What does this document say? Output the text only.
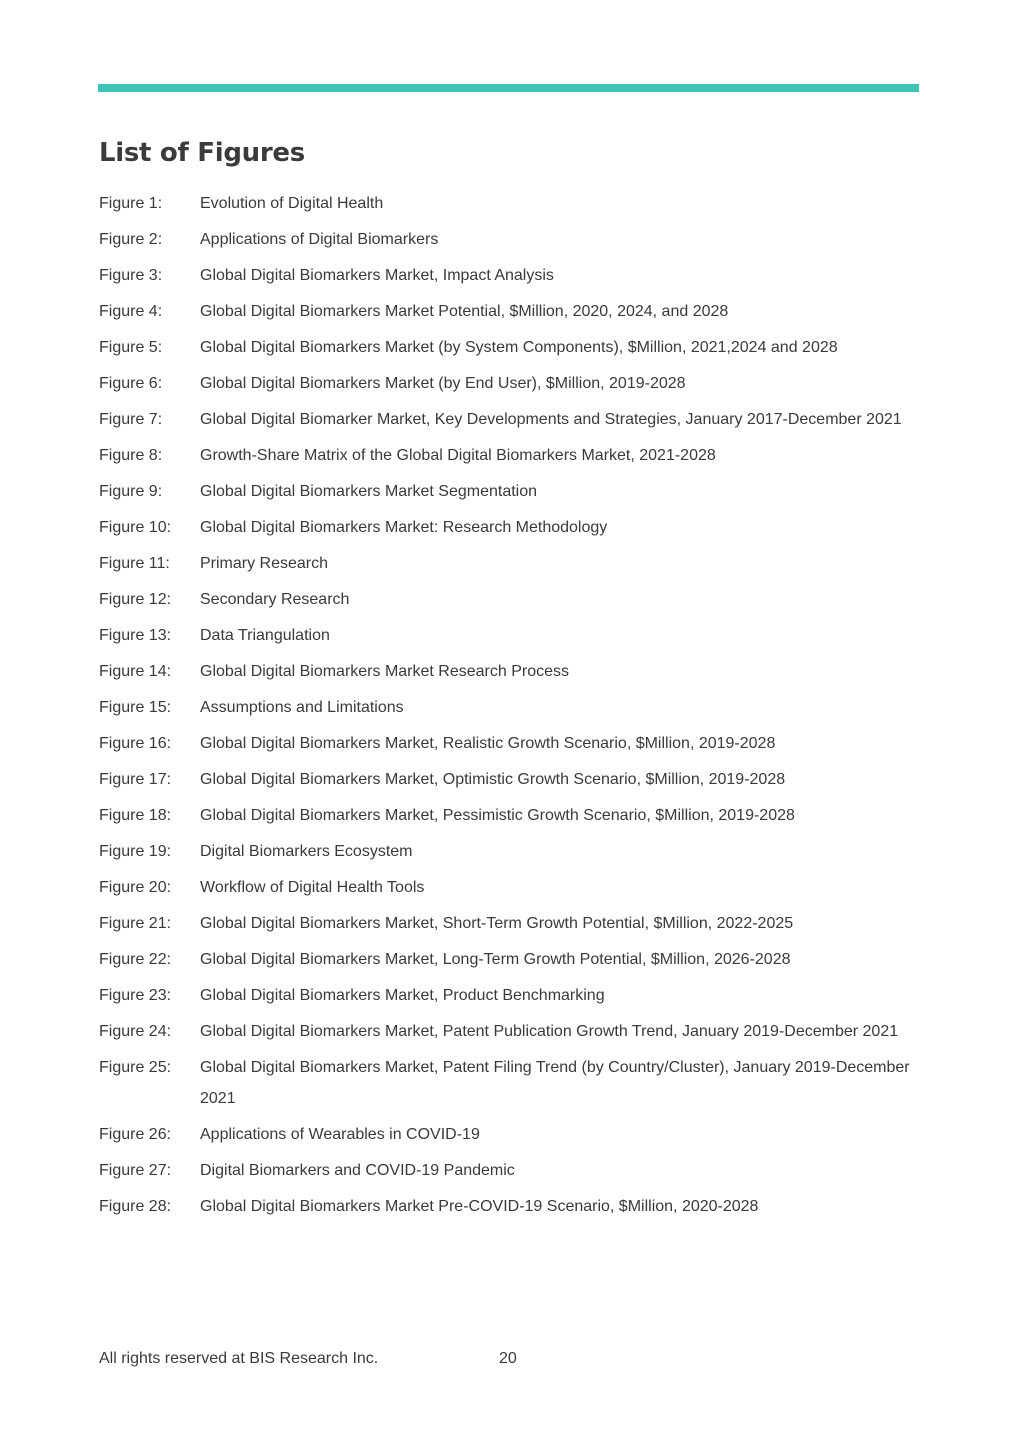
List of Figures
Figure 1:	Evolution of Digital Health
Figure 2:	Applications of Digital Biomarkers
Figure 3:	Global Digital Biomarkers Market, Impact Analysis
Figure 4:	Global Digital Biomarkers Market Potential, $Million, 2020, 2024, and 2028
Figure 5:	Global Digital Biomarkers Market (by System Components), $Million, 2021,2024 and 2028
Figure 6:	Global Digital Biomarkers Market (by End User), $Million, 2019-2028
Figure 7:	Global Digital Biomarker Market, Key Developments and Strategies, January 2017-December 2021
Figure 8:	Growth-Share Matrix of the Global Digital Biomarkers Market, 2021-2028
Figure 9:	Global Digital Biomarkers Market Segmentation
Figure 10:	Global Digital Biomarkers Market: Research Methodology
Figure 11:	Primary Research
Figure 12:	Secondary Research
Figure 13:	Data Triangulation
Figure 14:	Global Digital Biomarkers Market Research Process
Figure 15:	Assumptions and Limitations
Figure 16:	Global Digital Biomarkers Market, Realistic Growth Scenario, $Million, 2019-2028
Figure 17:	Global Digital Biomarkers Market, Optimistic Growth Scenario, $Million, 2019-2028
Figure 18:	Global Digital Biomarkers Market, Pessimistic Growth Scenario, $Million, 2019-2028
Figure 19:	Digital Biomarkers Ecosystem
Figure 20:	Workflow of Digital Health Tools
Figure 21:	Global Digital Biomarkers Market, Short-Term Growth Potential, $Million, 2022-2025
Figure 22:	Global Digital Biomarkers Market, Long-Term Growth Potential, $Million, 2026-2028
Figure 23:	Global Digital Biomarkers Market, Product Benchmarking
Figure 24:	Global Digital Biomarkers Market, Patent Publication Growth Trend, January 2019-December 2021
Figure 25:	Global Digital Biomarkers Market, Patent Filing Trend (by Country/Cluster), January 2019-December 2021
Figure 26:	Applications of Wearables in COVID-19
Figure 27:	Digital Biomarkers and COVID-19 Pandemic
Figure 28:	Global Digital Biomarkers Market Pre-COVID-19 Scenario, $Million, 2020-2028
All rights reserved at BIS Research Inc.	20
